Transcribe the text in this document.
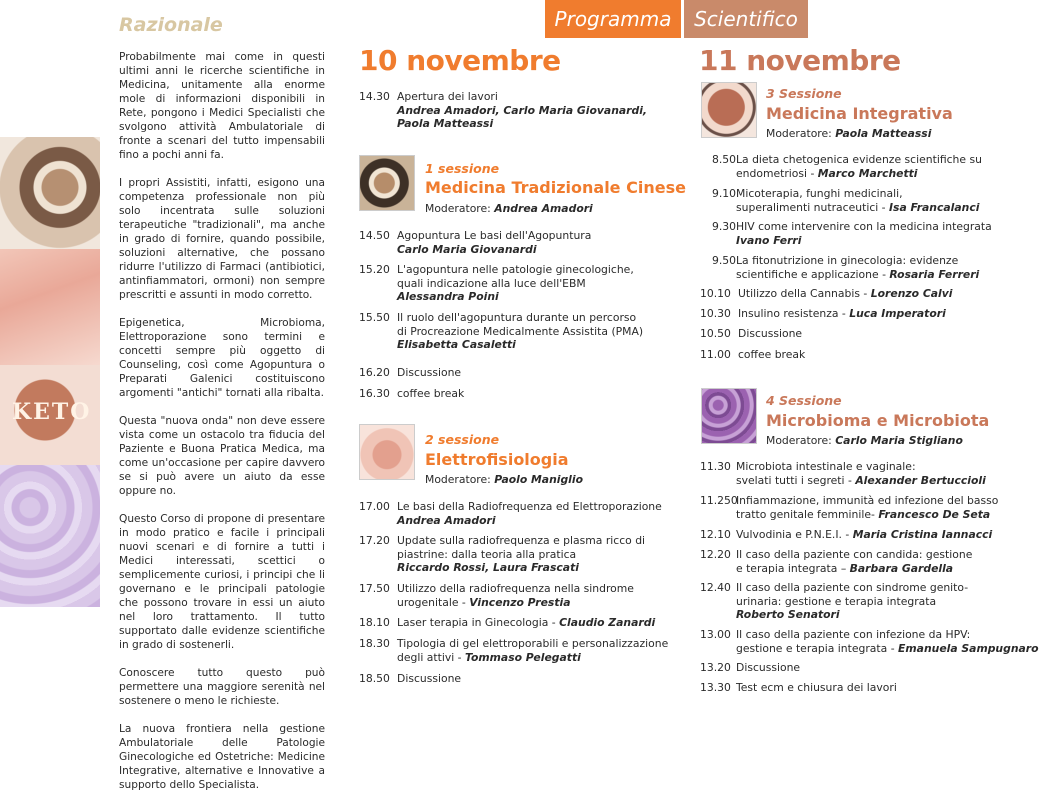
KETO
Programma	Scientifico
Razionale

Probabilmente mai come in questi ultimi anni le ricerche scientifiche in Medicina, unitamente alla enorme mole di informazioni disponibili in Rete, pongono i Medici Specialisti che svolgono attività Ambulatoriale di fronte a scenari del tutto impensabili fino a pochi anni fa.

I propri Assistiti, infatti, esigono una competenza professionale non più solo incentrata sulle soluzioni terapeutiche "tradizionali", ma anche in grado di fornire, quando possibile, soluzioni alternative, che possano ridurre l'utilizzo di Farmaci (antibiotici, antinfiammatori, ormoni) non sempre prescritti e assunti in modo corretto.

Epigenetica, Microbioma, Elettroporazione sono termini e concetti sempre più oggetto di Counseling, così come Agopuntura o Preparati Galenici costituiscono argomenti "antichi" tornati alla ribalta.

Questa "nuova onda" non deve essere vista come un ostacolo tra fiducia del Paziente e Buona Pratica Medica, ma come un'occasione per capire davvero se si può avere un aiuto da esse oppure no.

Questo Corso di propone di presentare in modo pratico e facile i principali nuovi scenari e di fornire a tutti i Medici interessati, scettici o semplicemente curiosi, i principi che li governano e le principali patologie che possono trovare in essi un aiuto nel loro trattamento. Il tutto supportato dalle evidenze scientifiche in grado di sostenerli.

Conoscere tutto questo può permettere una maggiore serenità nel sostenere o meno le richieste.

La nuova frontiera nella gestione Ambulatoriale delle Patologie Ginecologiche ed Ostetriche: Medicine Integrative, alternative e Innovative a supporto dello Specialista.

10 novembre
14.30 Apertura dei lavori
Andrea Amadori, Carlo Maria Giovanardi,
Paola Matteassi
1 sessione
Medicina Tradizionale Cinese
Moderatore: Andrea Amadori
14.50 Agopuntura Le basi dell'Agopuntura
Carlo Maria Giovanardi
15.20 L'agopuntura nelle patologie ginecologiche,
quali indicazione alla luce dell'EBM
Alessandra Poini
15.50 Il ruolo dell'agopuntura durante un percorso
di Procreazione Medicalmente Assistita (PMA)
Elisabetta Casaletti
16.20 Discussione
16.30 coffee break
2 sessione
Elettrofisiologia
Moderatore: Paolo Maniglio
17.00 Le basi della Radiofrequenza ed Elettroporazione
Andrea Amadori
17.20 Update sulla radiofrequenza e plasma ricco di
piastrine: dalla teoria alla pratica
Riccardo Rossi, Laura Frascati
17.50 Utilizzo della radiofrequenza nella sindrome
urogenitale - Vincenzo Prestia
18.10 Laser terapia in Ginecologia - Claudio Zanardi
18.30 Tipologia di gel elettroporabili e personalizzazione
degli attivi - Tommaso Pelegatti
18.50 Discussione
11 novembre
3 Sessione
Medicina Integrativa
Moderatore: Paola Matteassi
8.50 La dieta chetogenica evidenze scientifiche su
endometriosi - Marco Marchetti
9.10 Micoterapia, funghi medicinali,
superalimenti nutraceutici - Isa Francalanci
9.30 HIV come intervenire con la medicina integrata
Ivano Ferri
9.50 La fitonutrizione in ginecologia: evidenze
scientifiche e applicazione - Rosaria Ferreri
10.10 Utilizzo della Cannabis - Lorenzo Calvi
10.30 Insulino resistenza - Luca Imperatori
10.50 Discussione
11.00 coffee break
4 Sessione
Microbioma e Microbiota
Moderatore: Carlo Maria Stigliano
11.30 Microbiota intestinale e vaginale:
svelati tutti i segreti - Alexander Bertuccioli
11.250
Infiammazione, immunità ed infezione del basso
tratto genitale femminile- Francesco De Seta
12.10 Vulvodinia e P.N.E.I. - Maria Cristina Iannacci
12.20 Il caso della paziente con candida: gestione
e terapia integrata – Barbara Gardella
12.40 Il caso della paziente con sindrome genito-
urinaria: gestione e terapia integrata
Roberto Senatori
13.00 Il caso della paziente con infezione da HPV:
gestione e terapia integrata - Emanuela Sampugnaro
13.20 Discussione
13.30 Test ecm e chiusura dei lavori
